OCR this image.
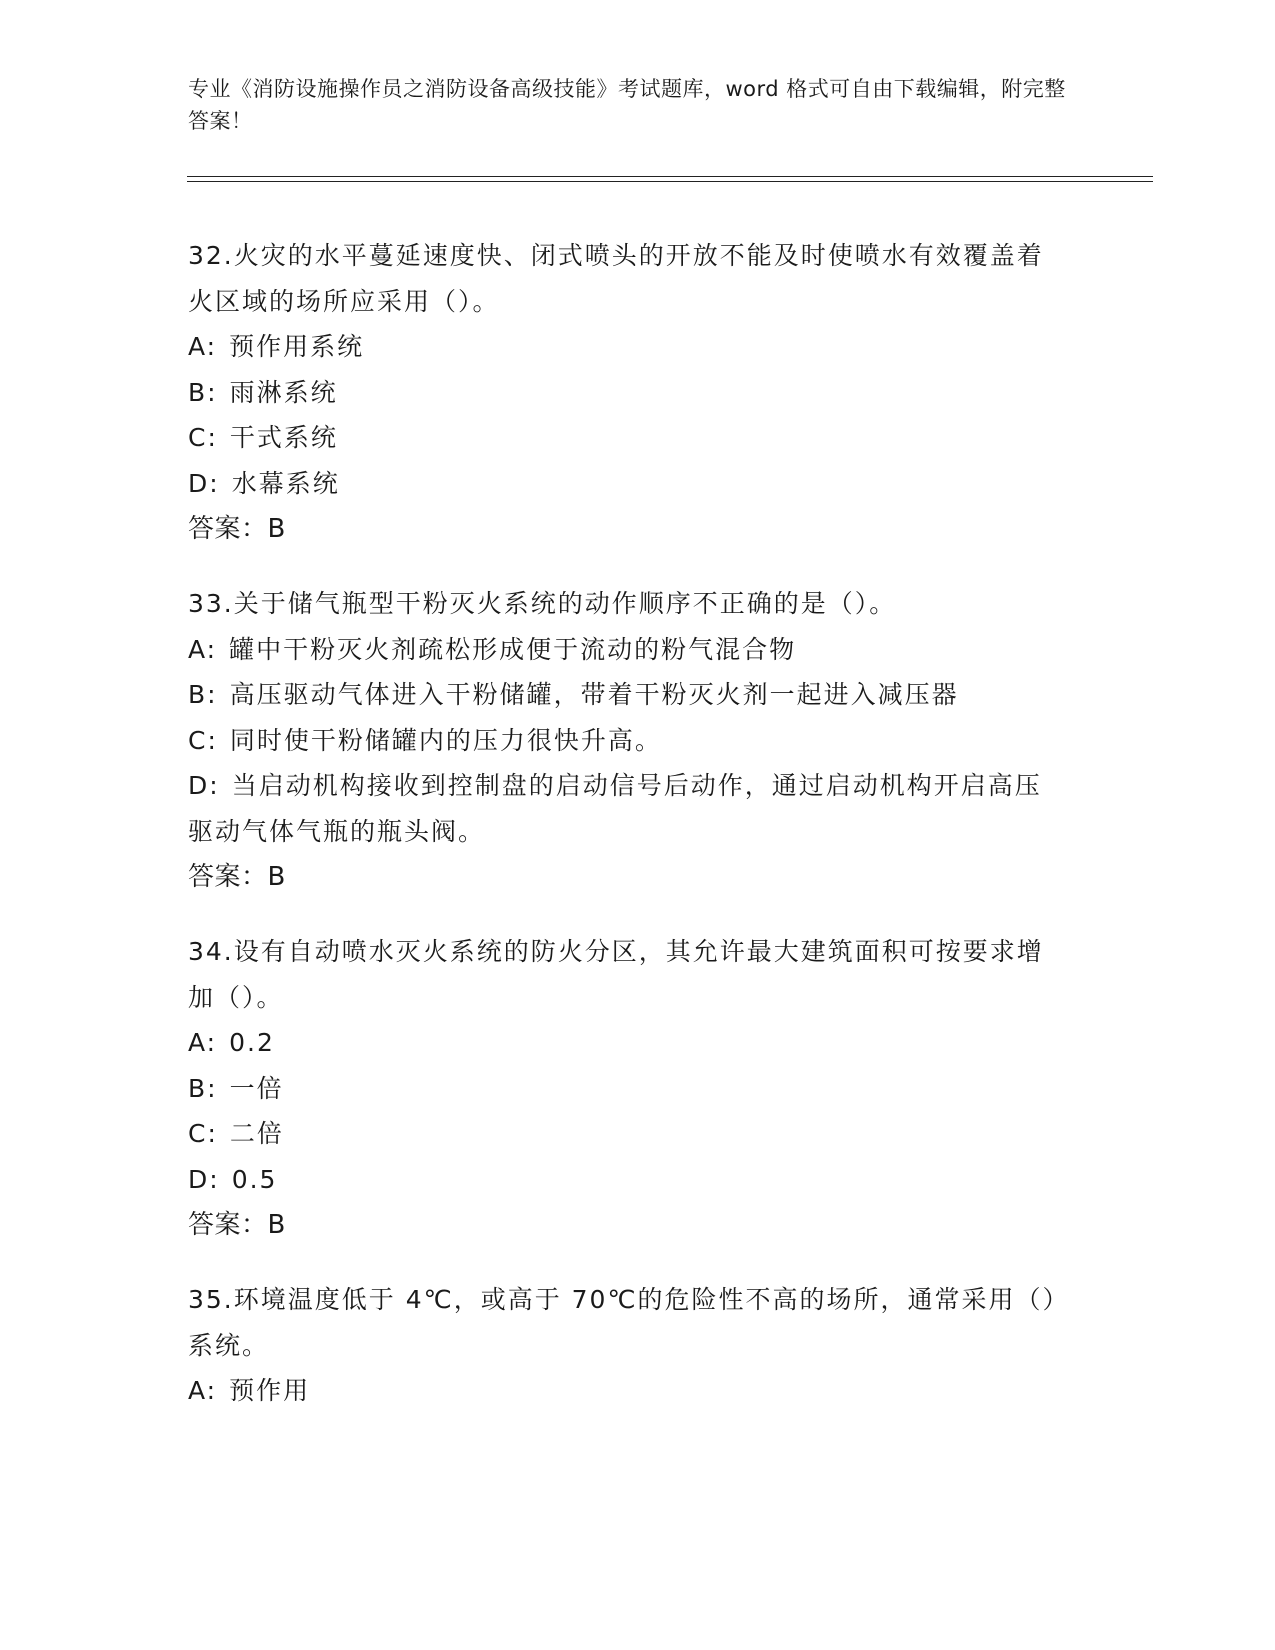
专业《消防设施操作员之消防设备高级技能》考试题库，word 格式可自由下载编辑，附完整答案！
32.火灾的水平蔓延速度快、闭式喷头的开放不能及时使喷水有效覆盖着火区域的场所应采用（）。
A: 预作用系统
B: 雨淋系统
C: 干式系统
D: 水幕系统
答案：B
33.关于储气瓶型干粉灭火系统的动作顺序不正确的是（）。
A: 罐中干粉灭火剂疏松形成便于流动的粉气混合物
B: 高压驱动气体进入干粉储罐，带着干粉灭火剂一起进入减压器
C: 同时使干粉储罐内的压力很快升高。
D: 当启动机构接收到控制盘的启动信号后动作，通过启动机构开启高压驱动气体气瓶的瓶头阀。
答案：B
34.设有自动喷水灭火系统的防火分区，其允许最大建筑面积可按要求增加（）。
A: 0.2
B: 一倍
C: 二倍
D: 0.5
答案：B
35.环境温度低于 4℃，或高于 70℃的危险性不高的场所，通常采用（）系统。
A: 预作用
